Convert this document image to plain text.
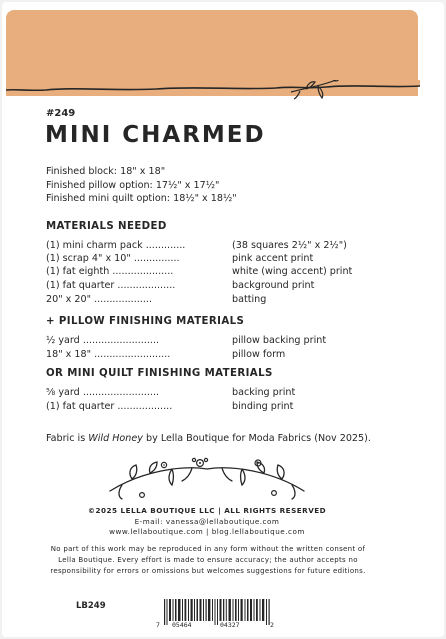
#249
MINI CHARMED
Finished block: 18" x 18"
Finished pillow option: 17½" x 17½"
Finished mini quilt option: 18½" x 18½"
MATERIALS NEEDED
(1) mini charm pack .............	(38 squares 2½" x 2½")
(1) scrap 4" x 10" ...............	pink accent print
(1) fat eighth ....................	white (wing accent) print
(1) fat quarter ...................	background print
20" x 20" ...................	batting
+ PILLOW FINISHING MATERIALS
½ yard .........................	pillow backing print
18" x 18" .........................	pillow form
OR MINI QUILT FINISHING MATERIALS
⅝ yard .........................	backing print
(1) fat quarter ..................	binding print
Fabric is Wild Honey by Lella Boutique for Moda Fabrics (Nov 2025).
©2025 LELLA BOUTIQUE LLC | ALL RIGHTS RESERVED
E-mail: vanessa@lellaboutique.com
www.lellaboutique.com | blog.lellaboutique.com
No part of this work may be reproduced in any form without the written consent of Lella Boutique. Every effort is made to ensure accuracy; the author accepts no responsibility for errors or omissions but welcomes suggestions for future editions.
LB249
7 05464	04327	2
